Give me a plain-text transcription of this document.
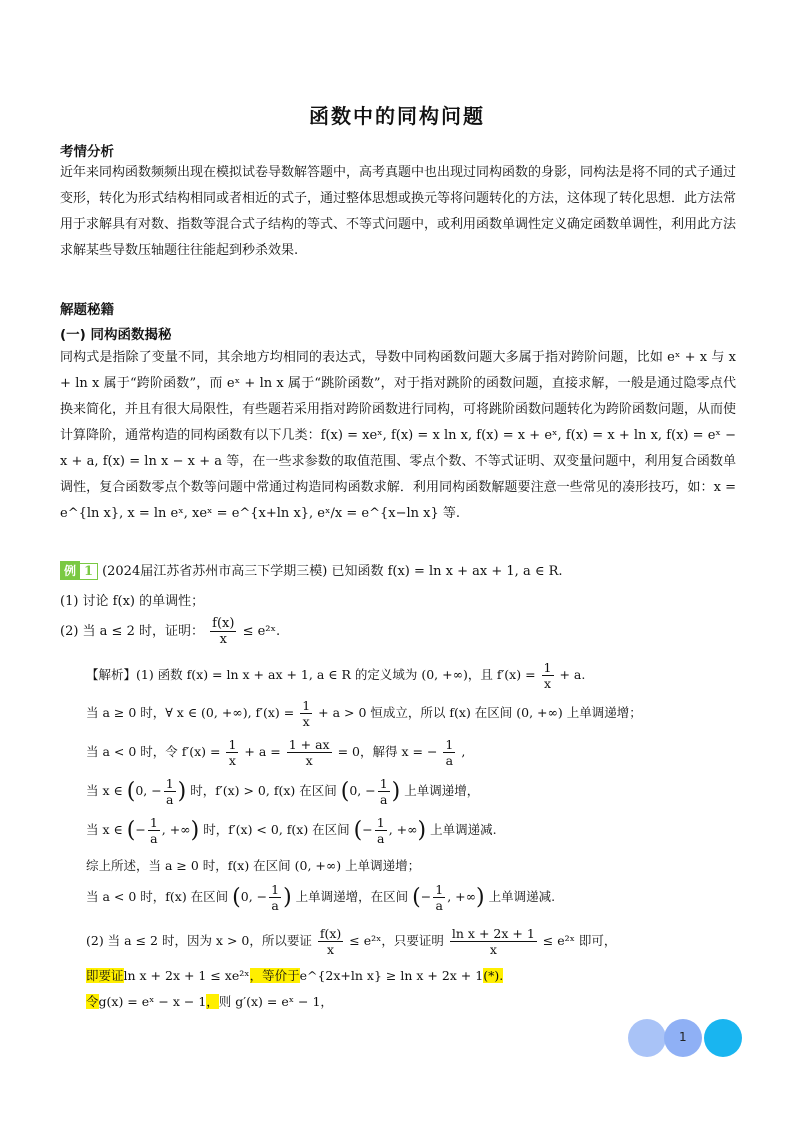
函数中的同构问题
考情分析
近年来同构函数频频出现在模拟试卷导数解答题中，高考真题中也出现过同构函数的身影，同构法是将不同的式子通过变形，转化为形式结构相同或者相近的式子，通过整体思想或换元等将问题转化的方法，这体现了转化思想．此方法常用于求解具有对数、指数等混合式子结构的等式、不等式问题中，或利用函数单调性定义确定函数单调性，利用此方法求解某些导数压轴题往往能起到秒杀效果.
解题秘籍
(一) 同构函数揭秘
同构式是指除了变量不同，其余地方均相同的表达式，导数中同构函数问题大多属于指对跨阶问题，比如 eˣ + x 与 x + ln x 属于“跨阶函数”，而 eˣ + ln x 属于“跳阶函数”，对于指对跳阶的函数问题，直接求解，一般是通过隐零点代换来简化，并且有很大局限性，有些题若采用指对跨阶函数进行同构，可将跳阶函数问题转化为跨阶函数问题，从而使计算降阶，通常构造的同构函数有以下几类：f(x) = xeˣ, f(x) = x ln x, f(x) = x + eˣ, f(x) = x + ln x, f(x) = eˣ − x + a, f(x) = ln x − x + a 等，在一些求参数的取值范围、零点个数、不等式证明、双变量问题中，利用复合函数单调性，复合函数零点个数等问题中常通过构造同构函数求解．利用同构函数解题要注意一些常见的凑形技巧，如：x = e^{ln x}, x = ln eˣ, xeˣ = e^{x+ln x}, eˣ/x = e^{x−ln x} 等.
例 1 (2024届江苏省苏州市高三下学期三模) 已知函数 f(x) = ln x + ax + 1, a ∈ R.
(1) 讨论 f(x) 的单调性；
(2) 当 a ≤ 2 时，证明： $\frac{f(x)}{x}$ ≤ e²ˣ.
【解析】(1) 函数 f(x) = ln x + ax + 1, a ∈ R 的定义域为 (0, +∞)，且 $f'(x) = \frac{1}{x} + a$.
当 a ≥ 0 时，∀ x ∈ (0, +∞), $f'(x) = \frac{1}{x} + a > 0$ 恒成立，所以 f(x) 在区间 (0, +∞) 上单调递增；
当 a < 0 时，令 $f'(x) = \frac{1}{x} + a = \frac{1 + ax}{x} = 0$，解得 x = − $\frac{1}{a}$ ,
当 x ∈ (0, − $\frac{1}{a}$ ) 时，f′(x) > 0, f(x) 在区间 (0, − $\frac{1}{a}$ ) 上单调递增，
当 x ∈ (− $\frac{1}{a}$ , +∞) 时，f′(x) < 0, f(x) 在区间 (− $\frac{1}{a}$ , +∞) 上单调递减.
综上所述，当 a ≥ 0 时，f(x) 在区间 (0, +∞) 上单调递增；
当 a < 0 时，f(x) 在区间 (0, − $\frac{1}{a}$ ) 上单调递增，在区间 (− $\frac{1}{a}$ , +∞) 上单调递减.
(2) 当 a ≤ 2 时，因为 x > 0，所以要证 $\frac{f(x)}{x}$ ≤ e²ˣ，只要证明 $\frac{\text{ln x + 2x + 1}}{x}$ ≤ e²ˣ 即可，
即要证ln x + 2x + 1 ≤ xe²ˣ，等价于e^{2x+ln x} ≥ ln x + 2x + 1(*).
令g(x) = eˣ − x − 1，则 g′(x) = eˣ − 1，
1
